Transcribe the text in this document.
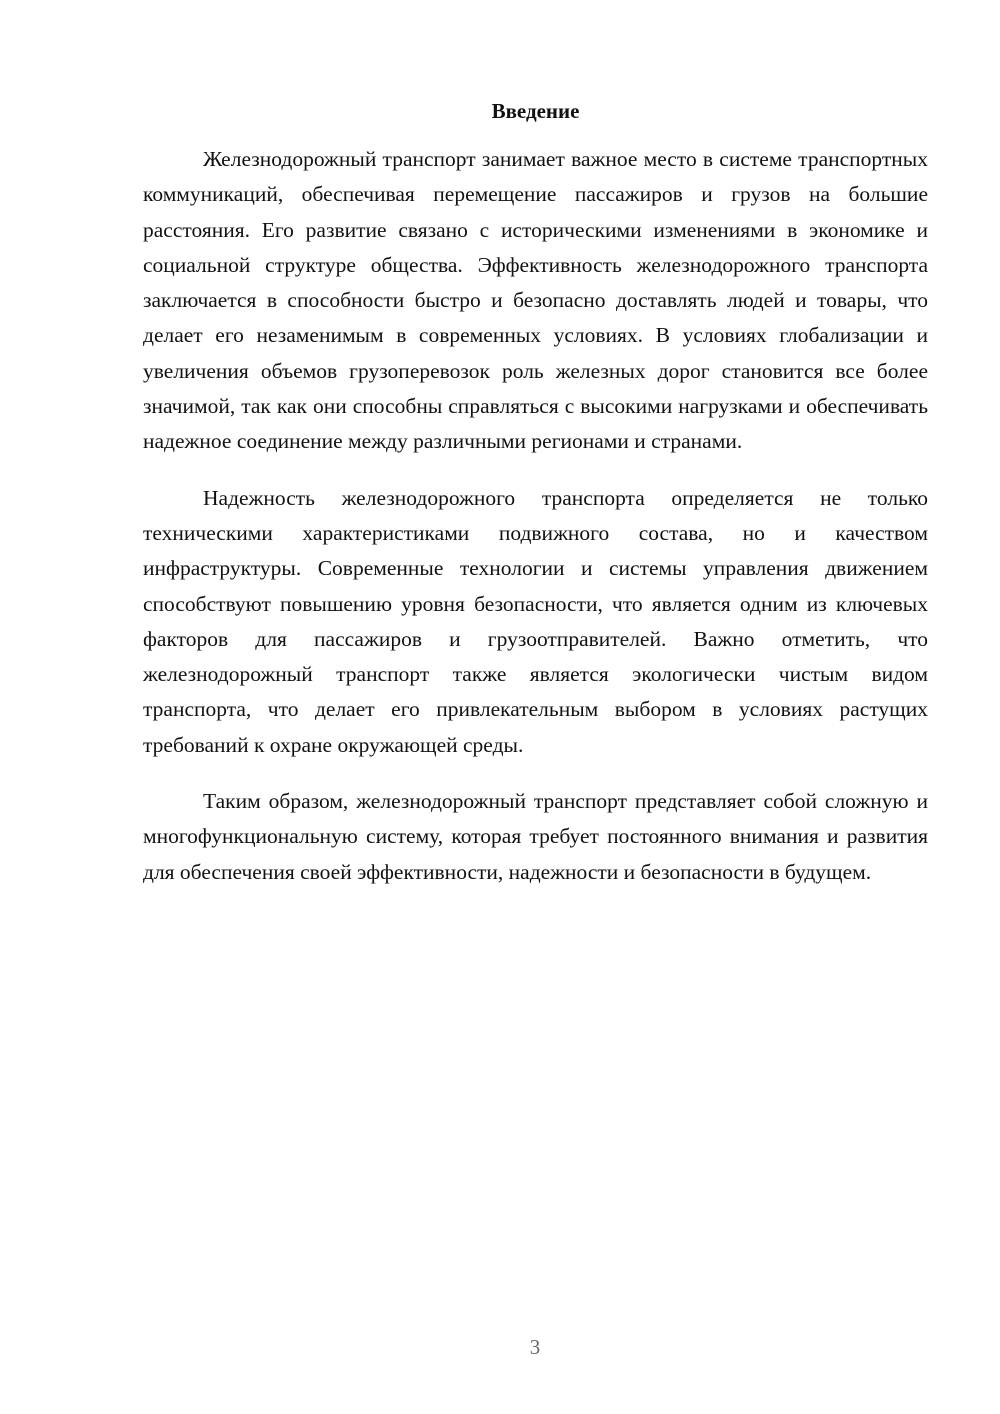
Введение

Железнодорожный транспорт занимает важное место в системе транспортных коммуникаций, обеспечивая перемещение пассажиров и грузов на большие расстояния. Его развитие связано с историческими изменениями в экономике и социальной структуре общества. Эффективность железнодорожного транспорта заключается в способности быстро и безопасно доставлять людей и товары, что делает его незаменимым в современных условиях. В условиях глобализации и увеличения объемов грузоперевозок роль железных дорог становится все более значимой, так как они способны справляться с высокими нагрузками и обеспечивать надежное соединение между различными регионами и странами.

Надежность железнодорожного транспорта определяется не только техническими характеристиками подвижного состава, но и качеством инфраструктуры. Современные технологии и системы управления движением способствуют повышению уровня безопасности, что является одним из ключевых факторов для пассажиров и грузоотправителей. Важно отметить, что железнодорожный транспорт также является экологически чистым видом транспорта, что делает его привлекательным выбором в условиях растущих требований к охране окружающей среды.

Таким образом, железнодорожный транспорт представляет собой сложную и многофункциональную систему, которая требует постоянного внимания и развития для обеспечения своей эффективности, надежности и безопасности в будущем.

3
